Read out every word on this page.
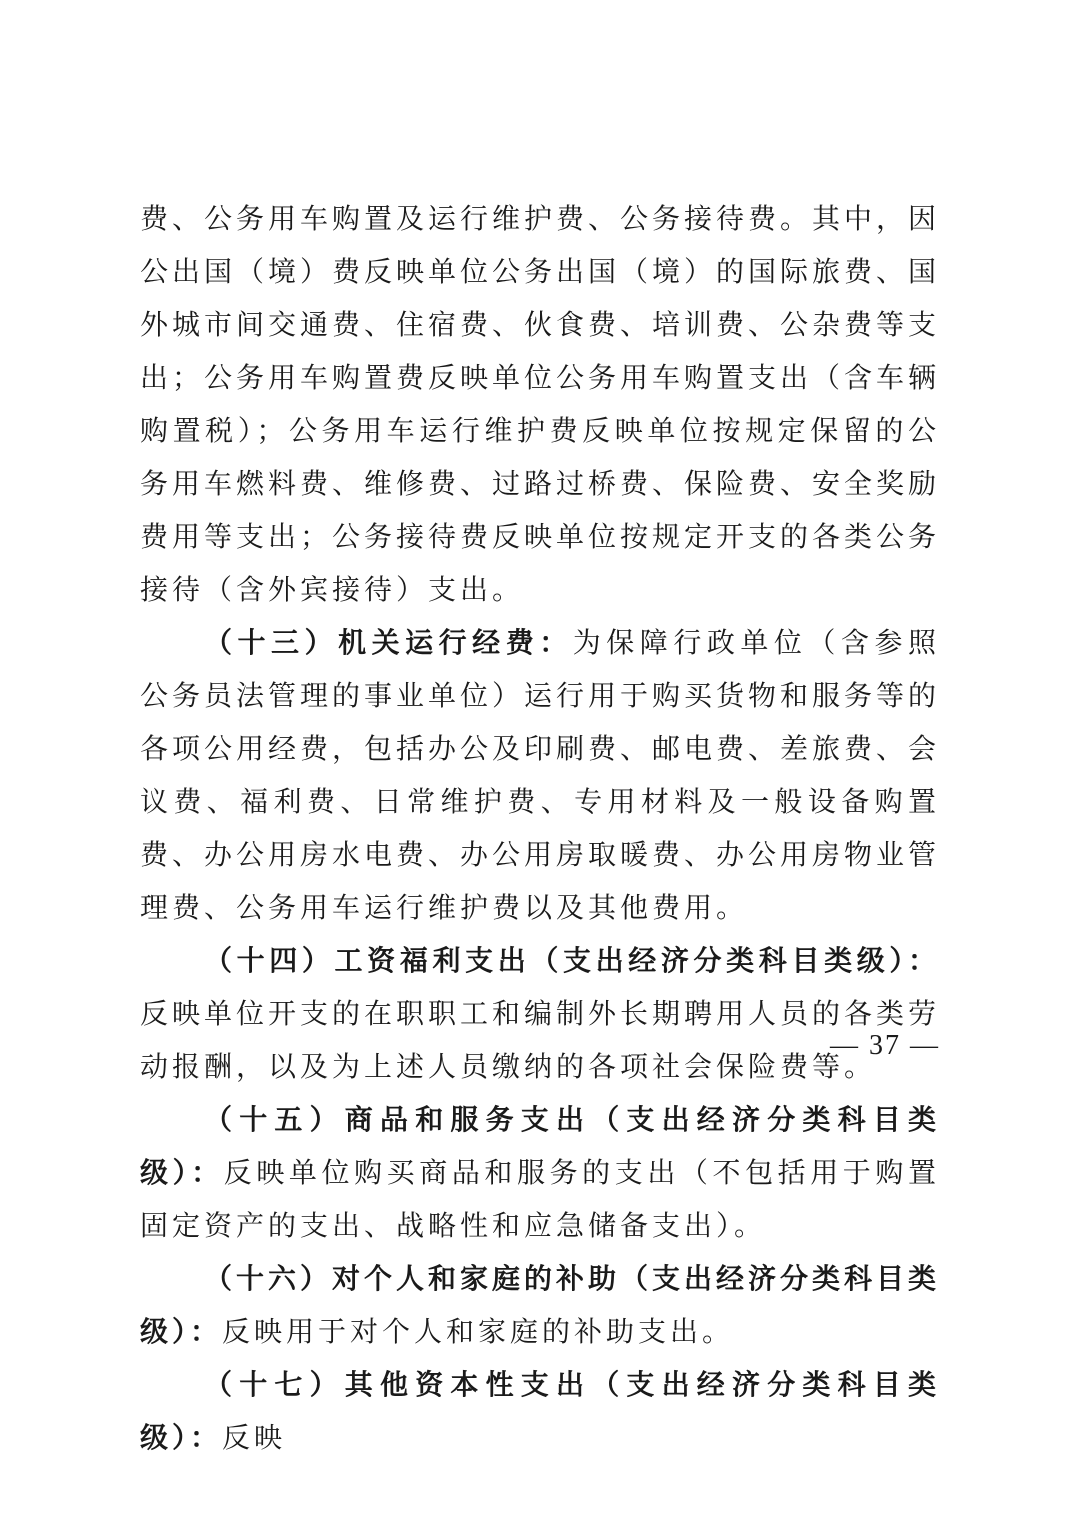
费、公务用车购置及运行维护费、公务接待费。其中，因公出国（境）费反映单位公务出国（境）的国际旅费、国外城市间交通费、住宿费、伙食费、培训费、公杂费等支出；公务用车购置费反映单位公务用车购置支出（含车辆购置税）；公务用车运行维护费反映单位按规定保留的公务用车燃料费、维修费、过路过桥费、保险费、安全奖励费用等支出；公务接待费反映单位按规定开支的各类公务接待（含外宾接待）支出。

（十三）机关运行经费：为保障行政单位（含参照公务员法管理的事业单位）运行用于购买货物和服务等的各项公用经费，包括办公及印刷费、邮电费、差旅费、会议费、福利费、日常维护费、专用材料及一般设备购置费、办公用房水电费、办公用房取暖费、办公用房物业管理费、公务用车运行维护费以及其他费用。

（十四）工资福利支出（支出经济分类科目类级）：反映单位开支的在职职工和编制外长期聘用人员的各类劳动报酬，以及为上述人员缴纳的各项社会保险费等。

（十五）商品和服务支出（支出经济分类科目类级）：反映单位购买商品和服务的支出（不包括用于购置固定资产的支出、战略性和应急储备支出）。

（十六）对个人和家庭的补助（支出经济分类科目类级）：反映用于对个人和家庭的补助支出。

（十七）其他资本性支出（支出经济分类科目类级）：反映

— 37 —
